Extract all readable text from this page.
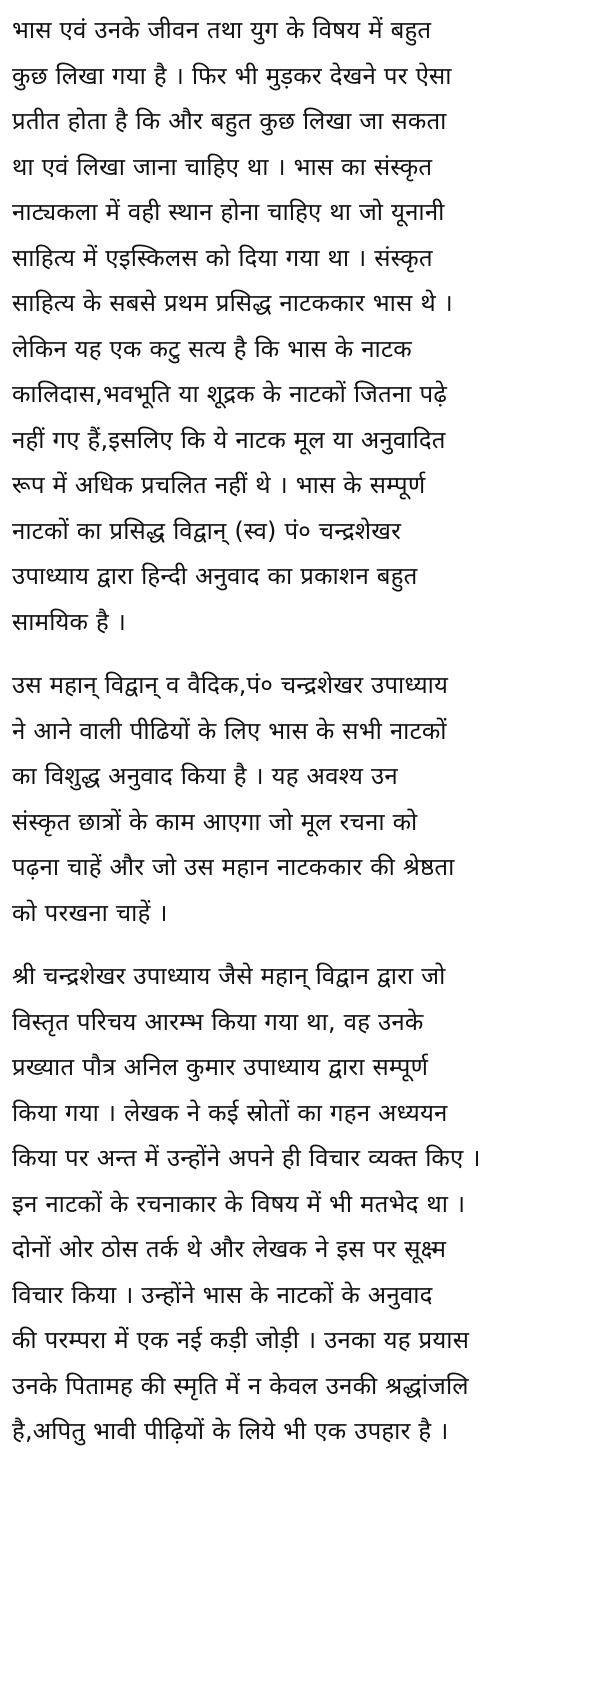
भास एवं उनके जीवन तथा युग के विषय में बहुत
कुछ लिखा गया है । फिर भी मुड़कर देखने पर ऐसा
प्रतीत होता है कि और बहुत कुछ लिखा जा सकता
था एवं लिखा जाना चाहिए था । भास का संस्कृत
नाट्यकला में वही स्थान होना चाहिए था जो यूनानी
साहित्य में एइस्किलस को दिया गया था । संस्कृत
साहित्य के सबसे प्रथम प्रसिद्ध नाटककार भास थे ।
लेकिन यह एक कटु सत्य है कि भास के नाटक
कालिदास,भवभूति या शूद्रक के नाटकों जितना पढ़े
नहीं गए हैं,इसलिए कि ये नाटक मूल या अनुवादित
रूप में अधिक प्रचलित नहीं थे । भास के सम्पूर्ण
नाटकों का प्रसिद्ध विद्वान् (स्व) पं० चन्द्रशेखर
उपाध्याय द्वारा हिन्दी अनुवाद का प्रकाशन बहुत
सामयिक है ।
उस महान् विद्वान् व वैदिक,पं० चन्द्रशेखर उपाध्याय
ने आने वाली पीढियों के लिए भास के सभी नाटकों
का विशुद्ध अनुवाद किया है । यह अवश्य उन
संस्कृत छात्रों के काम आएगा जो मूल रचना को
पढ़ना चाहें और जो उस महान नाटककार की श्रेष्ठता
को परखना चाहें ।
श्री चन्द्रशेखर उपाध्याय जैसे महान् विद्वान द्वारा जो
विस्तृत परिचय आरम्भ किया गया था, वह उनके
प्रख्यात पौत्र अनिल कुमार उपाध्याय द्वारा सम्पूर्ण
किया गया । लेखक ने कई स्रोतों का गहन अध्ययन
किया पर अन्त में उन्होंने अपने ही विचार व्यक्त किए ।
इन नाटकों के रचनाकार के विषय में भी मतभेद था ।
दोनों ओर ठोस तर्क थे और लेखक ने इस पर सूक्ष्म
विचार किया । उन्होंने भास के नाटकों के अनुवाद
की परम्परा में एक नई कड़ी जोड़ी । उनका यह प्रयास
उनके पितामह की स्मृति में न केवल उनकी श्रद्धांजलि
है,अपितु भावी पीढ़ियों के लिये भी एक उपहार है ।
